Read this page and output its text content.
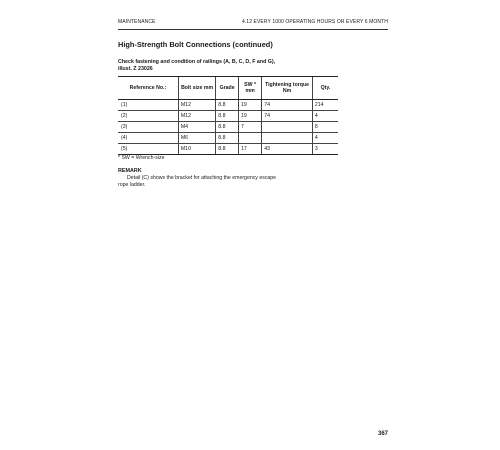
MAINTENANCE	4.12 EVERY 1000 OPERATING HOURS OR EVERY 6 MONTH
High-Strength Bolt Connections (continued)
Check fastening and condition of railings (A, B, C, D, F and G), illust. Z 23026
Reference No.:	Bolt size mm	Grade	SW * mm	Tightening torque Nm	Qty.
(1)	M12	8.8	19	74	214
(2)	M12	8.8	19	74	4
(3)	M4	8.8	7		8
(4)	M6	8.8			4
(5)	M10	8.8	17	43	3
* SW = Wrench-size
REMARK
Detail (C) shows the bracket for attaching the emergency escape rope ladder.
367
